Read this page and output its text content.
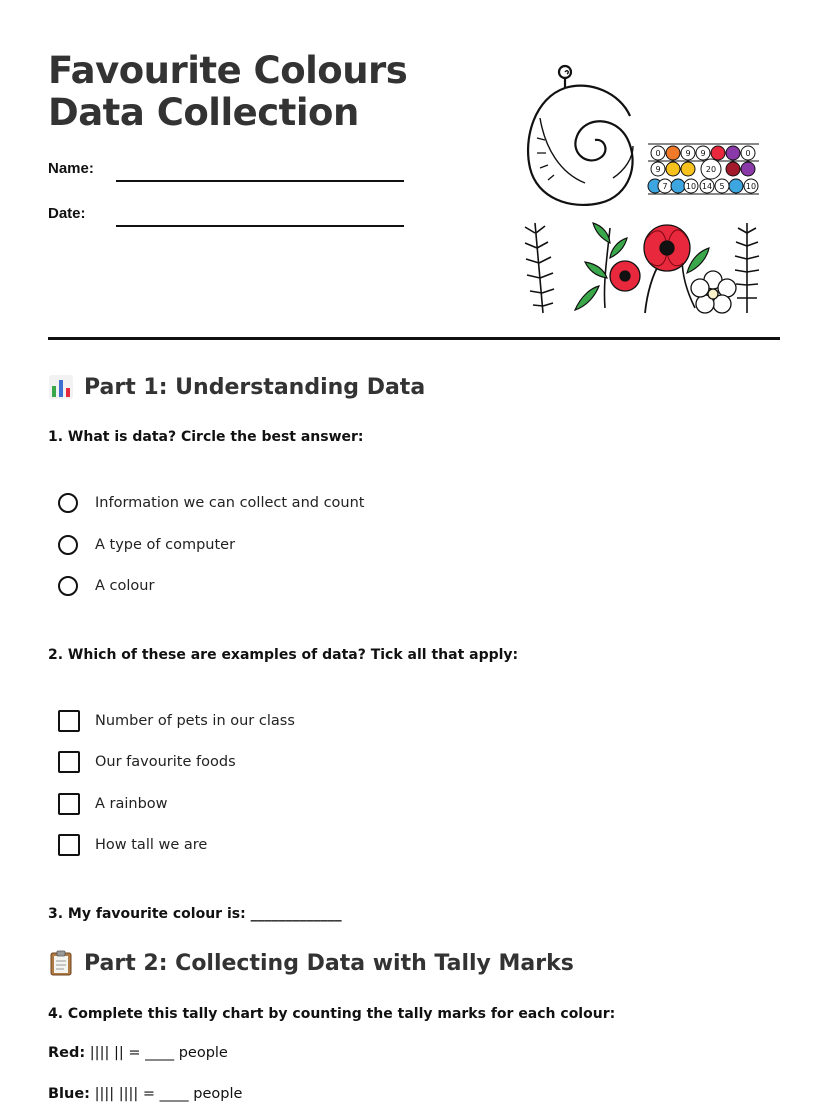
Favourite Colours Data Collection
Name:
Date:
0	9 9	0
9	20
7 10 14 5	10
Part 1: Understanding Data
1. What is data? Circle the best answer:
Information we can collect and count
A type of computer
A colour
2. Which of these are examples of data? Tick all that apply:
Number of pets in our class
Our favourite foods
A rainbow
How tall we are
3. My favourite colour is: _____________
Part 2: Collecting Data with Tally Marks
4. Complete this tally chart by counting the tally marks for each colour:
Red: |||| || = ____ people
Blue: |||| |||| = ____ people
